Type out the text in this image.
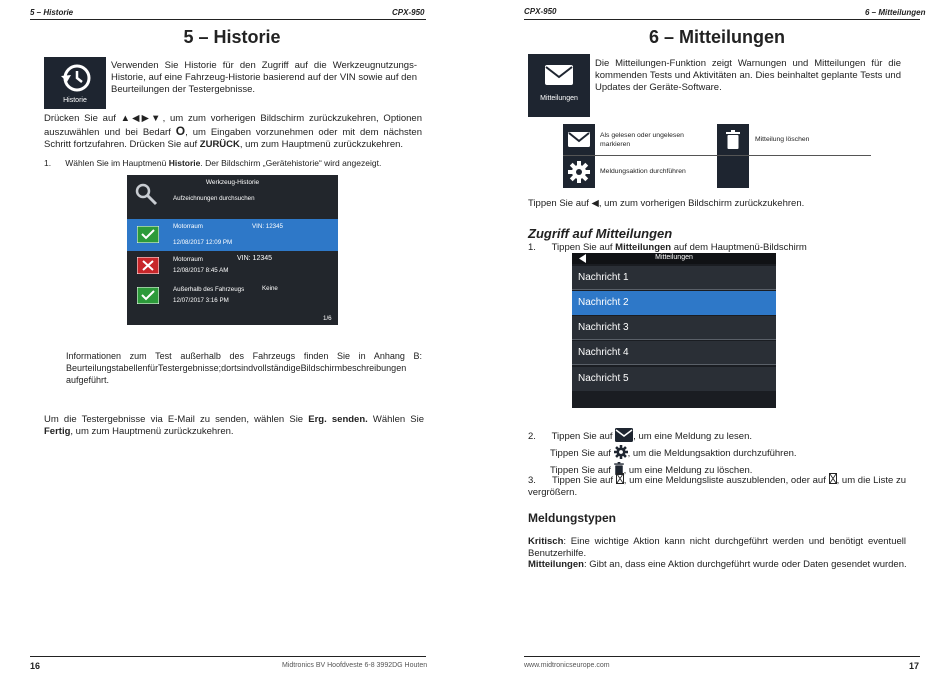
5 – Historie	CPX-950
5 – Historie
Historie
Verwenden Sie Historie für den Zugriff auf die Werkzeugnutzungs-Historie, auf eine Fahrzeug-Historie basierend auf der VIN sowie auf den Beurteilungen der Testergebnisse.
Drücken Sie auf ▲◀▶▼, um zum vorherigen Bildschirm zurückzukehren, Optionen auszuwählen und bei Bedarf O, um Eingaben vorzunehmen oder mit dem nächsten Schritt fortzufahren. Drücken Sie auf ZURÜCK, um zum Hauptmenü zurückzukehren.
1. Wählen Sie im Hauptmenü Historie. Der Bildschirm „Gerätehistorie“ wird angezeigt.
Werkzeug-Historie
Aufzeichnungen durchsuchen
Motorraum	VIN: 12345
12/08/2017 12:09 PM
Motorraum	VIN: 12345
12/08/2017 8:45 AM
Außerhalb des Fahrzeugs	Keine
12/07/2017 3:16 PM
1/6
Informationen zum Test außerhalb des Fahrzeugs finden Sie in Anhang B: BeurteilungstabellenfürTestergebnisse;dortsindvollständigeBildschirmbeschreibungen aufgeführt.
Um die Testergebnisse via E-Mail zu senden, wählen Sie Erg. senden. Wählen Sie Fertig, um zum Hauptmenü zurückzukehren.
16	Midtronics BV Hoofdveste 6-8 3992DG Houten
CPX-950	6 – Mitteilungen
6 – Mitteilungen
Mitteilungen
Die Mitteilungen-Funktion zeigt Warnungen und Mitteilungen für die kommenden Tests und Aktivitäten an. Dies beinhaltet geplante Tests und Updates der Geräte-Software.
Als gelesen oder ungelesen markieren
Mitteilung löschen
Meldungsaktion durchführen
Tippen Sie auf ◀, um zum vorherigen Bildschirm zurückzukehren.
Zugriff auf Mitteilungen
1. Tippen Sie auf Mitteilungen auf dem Hauptmenü-Bildschirm
Mitteilungen
Nachricht 1
Nachricht 2
Nachricht 3
Nachricht 4
Nachricht 5
2. Tippen Sie auf , um eine Meldung zu lesen.
Tippen Sie auf , um die Meldungsaktion durchzuführen.
Tippen Sie auf , um eine Meldung zu löschen.
3. Tippen Sie auf , um eine Meldungsliste auszublenden, oder auf , um die Liste zu vergrößern.
Meldungstypen
Kritisch: Eine wichtige Aktion kann nicht durchgeführt werden und benötigt eventuell Benutzerhilfe.
Mitteilungen: Gibt an, dass eine Aktion durchgeführt wurde oder Daten gesendet wurden.
www.midtronicseurope.com	17
